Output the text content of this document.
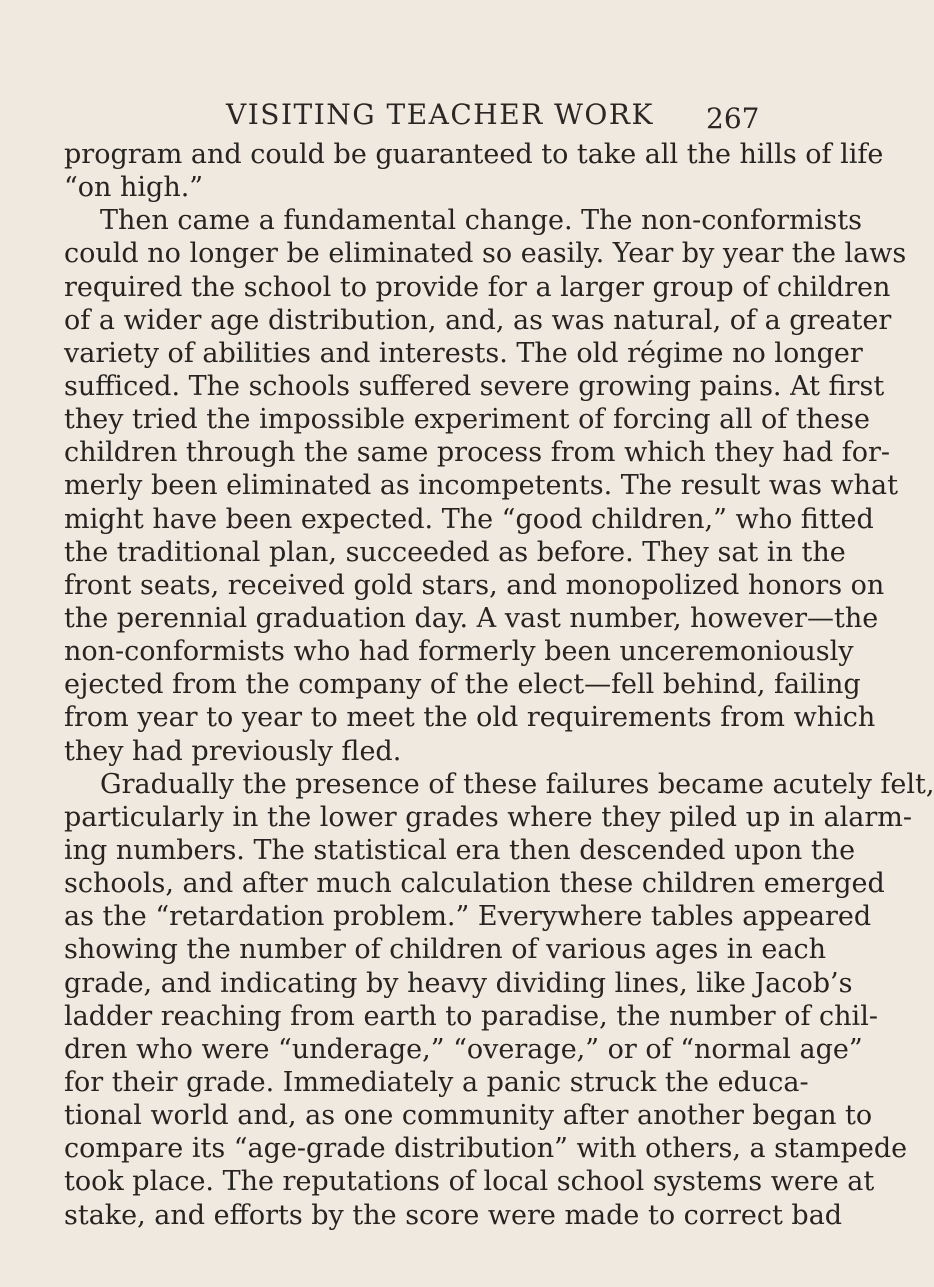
VISITING TEACHER WORK 267
program and could be guaranteed to take all the hills of life
“on high.”
Then came a fundamental change. The non-conformists
could no longer be eliminated so easily. Year by year the laws
required the school to provide for a larger group of children
of a wider age distribution, and, as was natural, of a greater
variety of abilities and interests. The old régime no longer
sufficed. The schools suffered severe growing pains. At first
they tried the impossible experiment of forcing all of these
children through the same process from which they had for-
merly been eliminated as incompetents. The result was what
might have been expected. The “good children,” who fitted
the traditional plan, succeeded as before. They sat in the
front seats, received gold stars, and monopolized honors on
the perennial graduation day. A vast number, however—the
non-conformists who had formerly been unceremoniously
ejected from the company of the elect—fell behind, failing
from year to year to meet the old requirements from which
they had previously fled.
Gradually the presence of these failures became acutely felt,
particularly in the lower grades where they piled up in alarm-
ing numbers. The statistical era then descended upon the
schools, and after much calculation these children emerged
as the “retardation problem.” Everywhere tables appeared
showing the number of children of various ages in each
grade, and indicating by heavy dividing lines, like Jacob’s
ladder reaching from earth to paradise, the number of chil-
dren who were “underage,” “overage,” or of “normal age”
for their grade. Immediately a panic struck the educa-
tional world and, as one community after another began to
compare its “age-grade distribution” with others, a stampede
took place. The reputations of local school systems were at
stake, and efforts by the score were made to correct bad
